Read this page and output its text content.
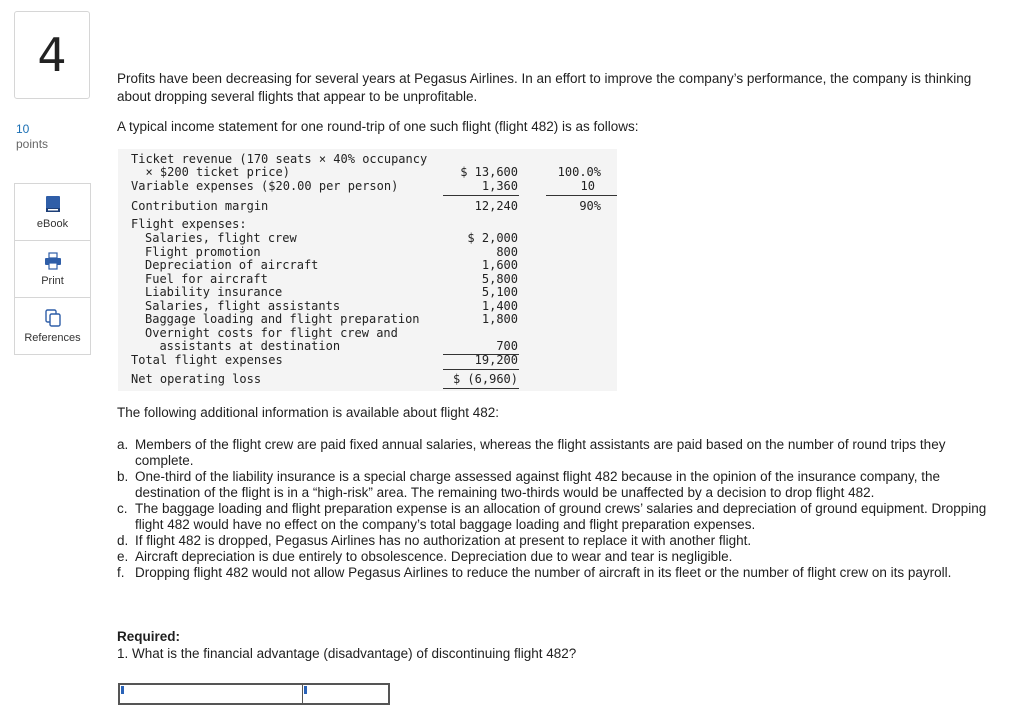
4
10
points
eBook
Print
References

Profits have been decreasing for several years at Pegasus Airlines. In an effort to improve the company’s performance, the company is thinking about dropping several flights that appear to be unprofitable.

A typical income statement for one round-trip of one such flight (flight 482) is as follows:

Ticket revenue (170 seats × 40% occupancy
× $200 ticket price)	$ 13,600	100.0%
Variable expenses ($20.00 per person)	1,360	10
Contribution margin	12,240	90%
Flight expenses:
Salaries, flight crew	$ 2,000
Flight promotion	800
Depreciation of aircraft	1,600
Fuel for aircraft	5,800
Liability insurance	5,100
Salaries, flight assistants	1,400
Baggage loading and flight preparation	1,800
Overnight costs for flight crew and
assistants at destination	700
Total flight expenses	19,200
Net operating loss	$ (6,960)
The following additional information is available about flight 482:
a. Members of the flight crew are paid fixed annual salaries, whereas the flight assistants are paid based on the number of round trips they complete.
b. One-third of the liability insurance is a special charge assessed against flight 482 because in the opinion of the insurance company, the destination of the flight is in a “high-risk” area. The remaining two-thirds would be unaffected by a decision to drop flight 482.
c. The baggage loading and flight preparation expense is an allocation of ground crews’ salaries and depreciation of ground equipment. Dropping flight 482 would have no effect on the company’s total baggage loading and flight preparation expenses.
d. If flight 482 is dropped, Pegasus Airlines has no authorization at present to replace it with another flight.
e. Aircraft depreciation is due entirely to obsolescence. Depreciation due to wear and tear is negligible.
f. Dropping flight 482 would not allow Pegasus Airlines to reduce the number of aircraft in its fleet or the number of flight crew on its payroll.
Required:
1. What is the financial advantage (disadvantage) of discontinuing flight 482?
